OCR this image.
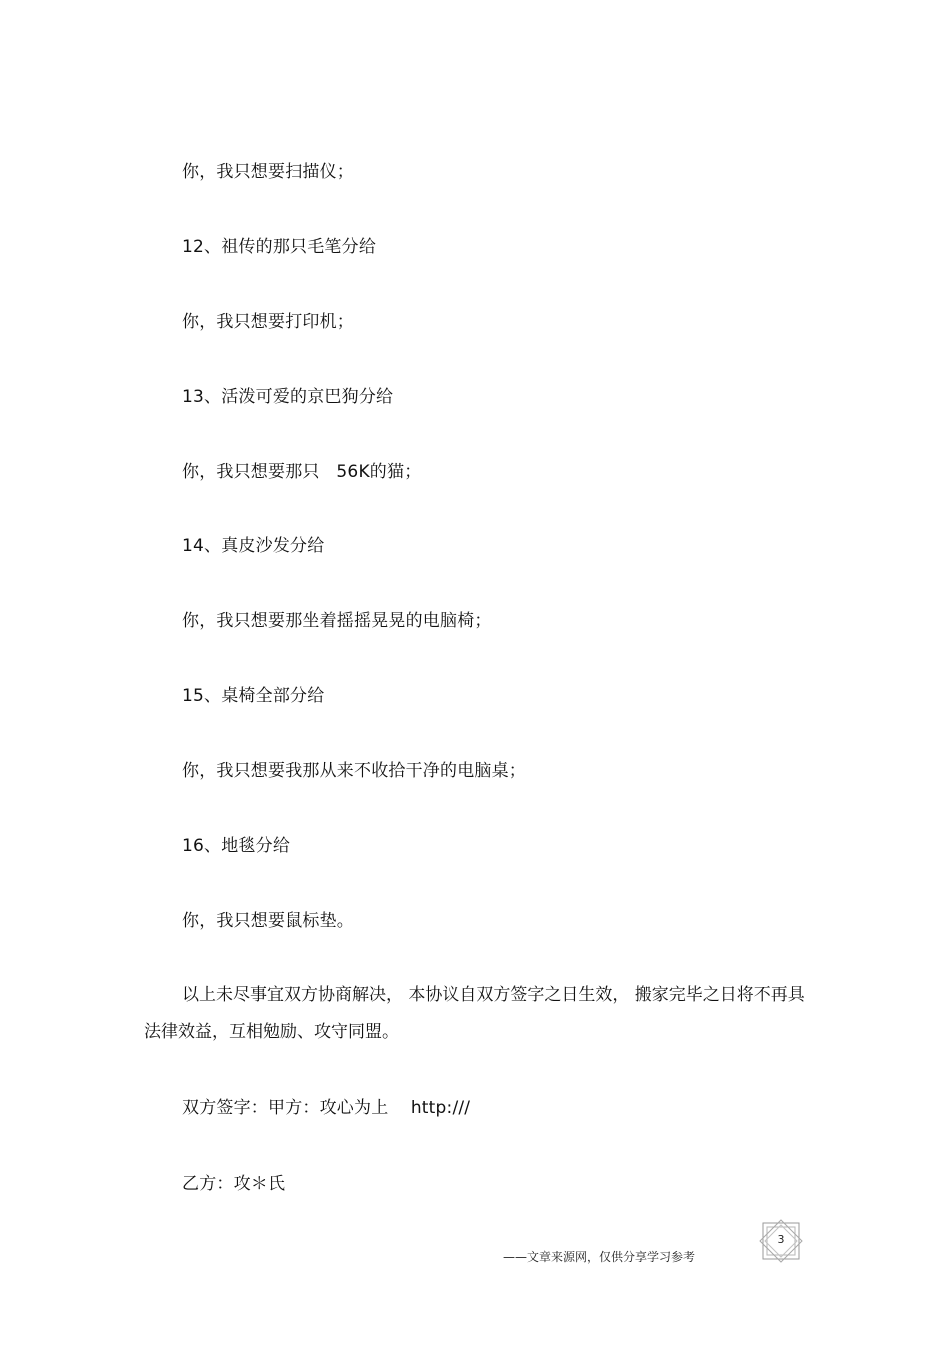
你，我只想要扫描仪；
12、祖传的那只毛笔分给
你，我只想要打印机；
13、活泼可爱的京巴狗分给
你，我只想要那只   56K的猫；
14、真皮沙发分给
你，我只想要那坐着摇摇晃晃的电脑椅；
15、桌椅全部分给
你，我只想要我那从来不收拾干净的电脑桌；
16、地毯分给
你，我只想要鼠标垫。
以上未尽事宜双方协商解决， 本协议自双方签字之日生效， 搬家完毕之日将不再具法律效益，互相勉励、攻守同盟。
双方签字：甲方：攻心为上    http:///
乙方：攻＊氏
——文章来源网，仅供分享学习参考
3
